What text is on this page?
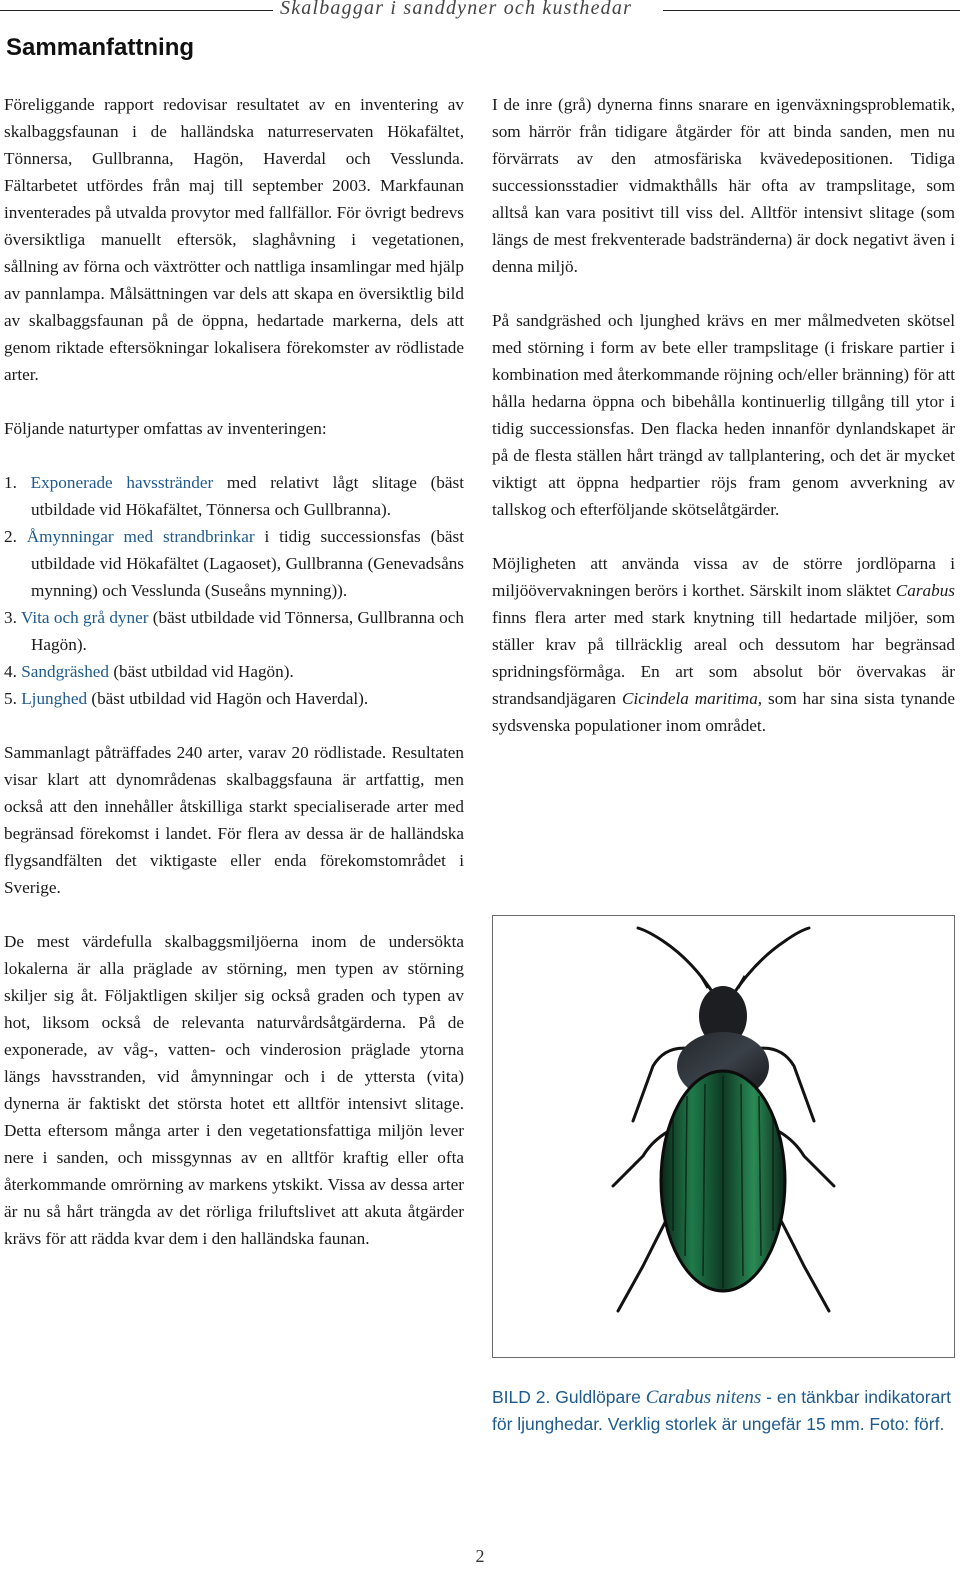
Skalbaggar i sanddyner och kusthedar
Sammanfattning

Föreliggande rapport redovisar resultatet av en inventering av skalbaggsfaunan i de halländska naturreservaten Hökafältet, Tönnersa, Gullbranna, Hagön, Haverdal och Vesslunda. Fältarbetet utfördes från maj till september 2003. Markfaunan inventerades på utvalda provytor med fallfällor. För övrigt bedrevs översiktliga manuellt eftersök, slaghåvning i vegetationen, sållning av förna och växtrötter och nattliga insamlingar med hjälp av pannlampa. Målsättningen var dels att skapa en översiktlig bild av skalbaggsfaunan på de öppna, hedartade markerna, dels att genom riktade eftersökningar lokalisera förekomster av rödlistade arter.

Följande naturtyper omfattas av inventeringen:

1. Exponerade havsstränder med relativt lågt slitage (bäst utbildade vid Hökafältet, Tönnersa och Gullbranna).
2. Åmynningar med strandbrinkar i tidig successionsfas (bäst utbildade vid Hökafältet (Lagaoset), Gullbranna (Genevadsåns mynning) och Vesslunda (Suseåns mynning)).
3. Vita och grå dyner (bäst utbildade vid Tönnersa, Gullbranna och Hagön).
4. Sandgräshed (bäst utbildad vid Hagön).
5. Ljunghed (bäst utbildad vid Hagön och Haverdal).

Sammanlagt påträffades 240 arter, varav 20 rödlistade. Resultaten visar klart att dynområdenas skalbaggsfauna är artfattig, men också att den innehåller åtskilliga starkt specialiserade arter med begränsad förekomst i landet. För flera av dessa är de halländska flygsandfälten det viktigaste eller enda förekomstområdet i Sverige.

De mest värdefulla skalbaggsmiljöerna inom de undersökta lokalerna är alla präglade av störning, men typen av störning skiljer sig åt. Följaktligen skiljer sig också graden och typen av hot, liksom också de relevanta naturvårdsåtgärderna. På de exponerade, av våg-, vatten- och vinderosion präglade ytorna längs havsstranden, vid åmynningar och i de yttersta (vita) dynerna är faktiskt det största hotet ett alltför intensivt slitage. Detta eftersom många arter i den vegetationsfattiga miljön lever nere i sanden, och missgynnas av en alltför kraftig eller ofta återkommande omrörning av markens ytskikt. Vissa av dessa arter är nu så hårt trängda av det rörliga friluftslivet att akuta åtgärder krävs för att rädda kvar dem i den halländska faunan.

I de inre (grå) dynerna finns snarare en igenväxningsproblematik, som härrör från tidigare åtgärder för att binda sanden, men nu förvärrats av den atmosfäriska kvävedepositionen. Tidiga successionsstadier vidmakthålls här ofta av trampslitage, som alltså kan vara positivt till viss del. Alltför intensivt slitage (som längs de mest frekventerade badstränderna) är dock negativt även i denna miljö.

På sandgräshed och ljunghed krävs en mer målmedveten skötsel med störning i form av bete eller trampslitage (i friskare partier i kombination med återkommande röjning och/eller bränning) för att hålla hedarna öppna och bibehålla kontinuerlig tillgång till ytor i tidig successionsfas. Den flacka heden innanför dynlandskapet är på de flesta ställen hårt trängd av tallplantering, och det är mycket viktigt att öppna hedpartier röjs fram genom avverkning av tallskog och efterföljande skötselåtgärder.

Möjligheten att använda vissa av de större jordlöparna i miljöövervakningen berörs i korthet. Särskilt inom släktet Carabus finns flera arter med stark knytning till hedartade miljöer, som ställer krav på tillräcklig areal och dessutom har begränsad spridningsförmåga. En art som absolut bör övervakas är strandsandjägaren Cicindela maritima, som har sina sista tynande sydsvenska populationer inom området.

BILD 2. Guldlöpare Carabus nitens - en tänkbar indikatorart för ljunghedar. Verklig storlek är ungefär 15 mm. Foto: förf.
2
